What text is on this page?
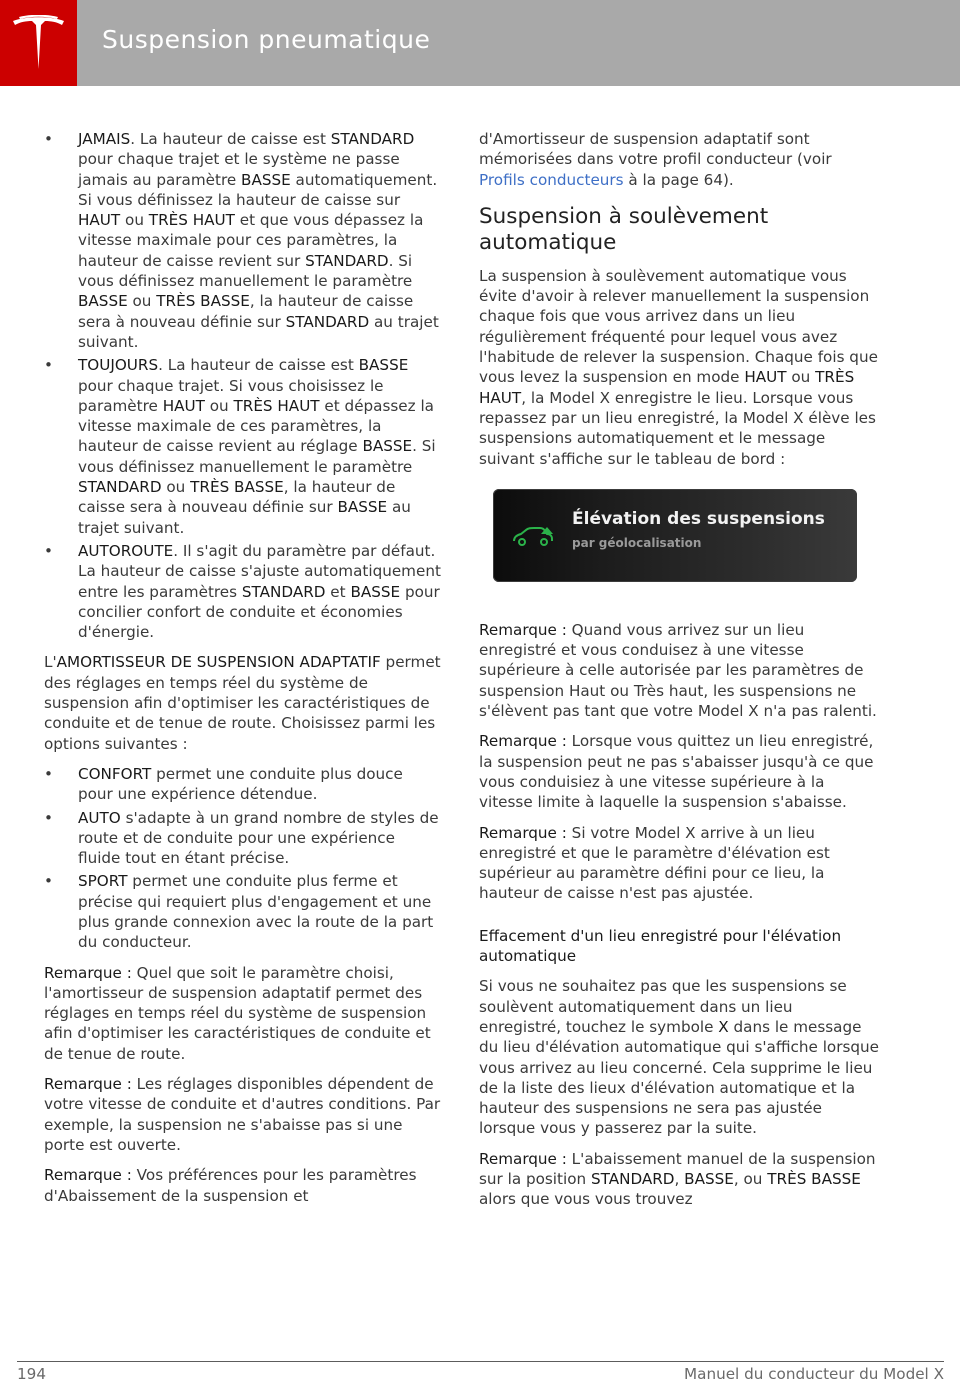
Suspension pneumatique
• JAMAIS. La hauteur de caisse est STANDARD pour chaque trajet et le système ne passe jamais au paramètre BASSE automatiquement. Si vous définissez la hauteur de caisse sur HAUT ou TRÈS HAUT et que vous dépassez la vitesse maximale pour ces paramètres, la hauteur de caisse revient sur STANDARD. Si vous définissez manuellement le paramètre BASSE ou TRÈS BASSE, la hauteur de caisse sera à nouveau définie sur STANDARD au trajet suivant.
• TOUJOURS. La hauteur de caisse est BASSE pour chaque trajet. Si vous choisissez le paramètre HAUT ou TRÈS HAUT et dépassez la vitesse maximale de ces paramètres, la hauteur de caisse revient au réglage BASSE. Si vous définissez manuellement le paramètre STANDARD ou TRÈS BASSE, la hauteur de caisse sera à nouveau définie sur BASSE au trajet suivant.
• AUTOROUTE. Il s'agit du paramètre par défaut. La hauteur de caisse s'ajuste automatiquement entre les paramètres STANDARD et BASSE pour concilier confort de conduite et économies d'énergie.

L'AMORTISSEUR DE SUSPENSION ADAPTATIF permet des réglages en temps réel du système de suspension afin d'optimiser les caractéristiques de conduite et de tenue de route. Choisissez parmi les options suivantes :

• CONFORT permet une conduite plus douce pour une expérience détendue.
• AUTO s'adapte à un grand nombre de styles de route et de conduite pour une expérience fluide tout en étant précise.
• SPORT permet une conduite plus ferme et précise qui requiert plus d'engagement et une plus grande connexion avec la route de la part du conducteur.

Remarque : Quel que soit le paramètre choisi, l'amortisseur de suspension adaptatif permet des réglages en temps réel du système de suspension afin d'optimiser les caractéristiques de conduite et de tenue de route.

Remarque : Les réglages disponibles dépendent de votre vitesse de conduite et d'autres conditions. Par exemple, la suspension ne s'abaisse pas si une porte est ouverte.

Remarque : Vos préférences pour les paramètres d'Abaissement de la suspension et

d'Amortisseur de suspension adaptatif sont mémorisées dans votre profil conducteur (voir Profils conducteurs à la page 64).

Suspension à soulèvement automatique

La suspension à soulèvement automatique vous évite d'avoir à relever manuellement la suspension chaque fois que vous arrivez dans un lieu régulièrement fréquenté pour lequel vous avez l'habitude de relever la suspension. Chaque fois que vous levez la suspension en mode HAUT ou TRÈS HAUT, la Model X enregistre le lieu. Lorsque vous repassez par un lieu enregistré, la Model X élève les suspensions automatiquement et le message suivant s'affiche sur le tableau de bord :

Élévation des suspensions
par géolocalisation

Remarque : Quand vous arrivez sur un lieu enregistré et vous conduisez à une vitesse supérieure à celle autorisée par les paramètres de suspension Haut ou Très haut, les suspensions ne s'élèvent pas tant que votre Model X n'a pas ralenti.

Remarque : Lorsque vous quittez un lieu enregistré, la suspension peut ne pas s'abaisser jusqu'à ce que vous conduisiez à une vitesse supérieure à la vitesse limite à laquelle la suspension s'abaisse.

Remarque : Si votre Model X arrive à un lieu enregistré et que le paramètre d'élévation est supérieur au paramètre défini pour ce lieu, la hauteur de caisse n'est pas ajustée.

Effacement d'un lieu enregistré pour l'élévation automatique

Si vous ne souhaitez pas que les suspensions se soulèvent automatiquement dans un lieu enregistré, touchez le symbole X dans le message du lieu d'élévation automatique qui s'affiche lorsque vous arrivez au lieu concerné. Cela supprime le lieu de la liste des lieux d'élévation automatique et la hauteur des suspensions ne sera pas ajustée lorsque vous y passerez par la suite.

Remarque : L'abaissement manuel de la suspension sur la position STANDARD, BASSE, ou TRÈS BASSE alors que vous vous trouvez

194	Manuel du conducteur du Model X
